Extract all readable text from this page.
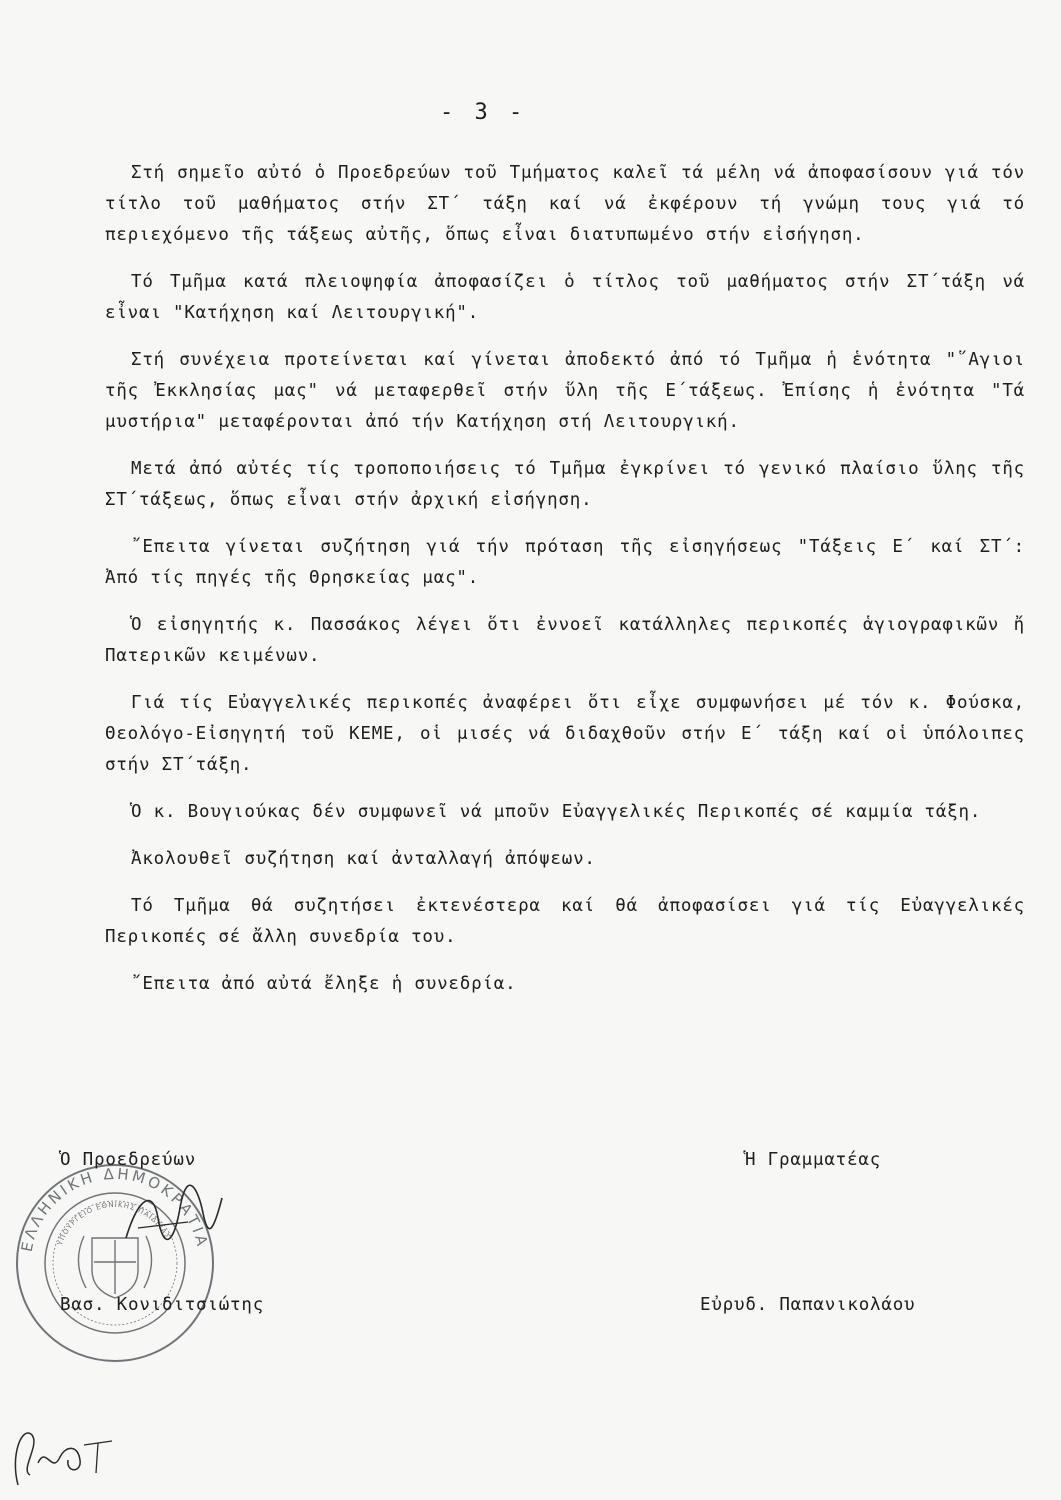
- 3 -

Στή σημεῖο αὐτό ὁ Προεδρεύων τοῦ Τμήματος καλεῖ τά μέλη νά ἀποφασίσουν γιά τόν τίτλο τοῦ μαθήματος στήν ΣΤ΄ τάξη καί νά ἐκφέρουν τή γνώμη τους γιά τό περιεχόμενο τῆς τάξεως αὐτῆς, ὅπως εἶναι διατυπωμένο στήν εἰσήγηση.

Τό Τμῆμα κατά πλειοψηφία ἀποφασίζει ὁ τίτλος τοῦ μαθήματος στήν ΣΤ΄τάξη νά εἶναι "Κατήχηση καί Λειτουργική".

Στή συνέχεια προτείνεται καί γίνεται ἀποδεκτό ἀπό τό Τμῆμα ἡ ἑνότητα "῞Αγιοι τῆς Ἐκκλησίας μας" νά μεταφερθεῖ στήν ὕλη τῆς Ε΄τάξεως. Ἐπίσης ἡ ἑνότητα "Τά μυστήρια" μεταφέρονται ἀπό τήν Κατήχηση στή Λειτουργική.

Μετά ἀπό αὐτές τίς τροποποιήσεις τό Τμῆμα ἐγκρίνει τό γενικό πλαίσιο ὕλης τῆς ΣΤ΄τάξεως, ὅπως εἶναι στήν ἀρχική εἰσήγηση.

῎Επειτα γίνεται συζήτηση γιά τήν πρόταση τῆς εἰσηγήσεως "Τάξεις Ε΄ καί ΣΤ΄: Ἀπό τίς πηγές τῆς Θρησκείας μας".

Ὁ εἰσηγητής κ. Πασσάκος λέγει ὅτι ἐννοεῖ κατάλληλες περικοπές ἁγιογραφικῶν ἤ Πατερικῶν κειμένων.

Γιά τίς Εὐαγγελικές περικοπές ἀναφέρει ὅτι εἶχε συμφωνήσει μέ τόν κ. Φούσκα, Θεολόγο-Εἰσηγητή τοῦ ΚΕΜΕ, οἱ μισές νά διδαχθοῦν στήν Ε΄ τάξη καί οἱ ὑπόλοιπες στήν ΣΤ΄τάξη.

Ὁ κ. Βουγιούκας δέν συμφωνεῖ νά μποῦν Εὐαγγελικές Περικοπές σέ καμμία τάξη.

Ἀκολουθεῖ συζήτηση καί ἀνταλλαγή ἀπόψεων.

Τό Τμῆμα θά συζητήσει ἐκτενέστερα καί θά ἀποφασίσει γιά τίς Εὐαγγελικές Περικοπές σέ ἄλλη συνεδρία του.

῎Επειτα ἀπό αὐτά ἔληξε ἡ συνεδρία.

ΕΛΛΗΝΙΚΗ ΔΗΜΟΚΡΑΤΙΑ
ΥΠΟΥΡΓΕΙΟ ΕΘΝΙΚΗΣ ΠΑΙΔΕΙΑΣ
Ὁ Προεδρεύων	Ἡ Γραμματέας
Βασ. Κονιδιτσιώτης	Εὐρυδ. Παπανικολάου
